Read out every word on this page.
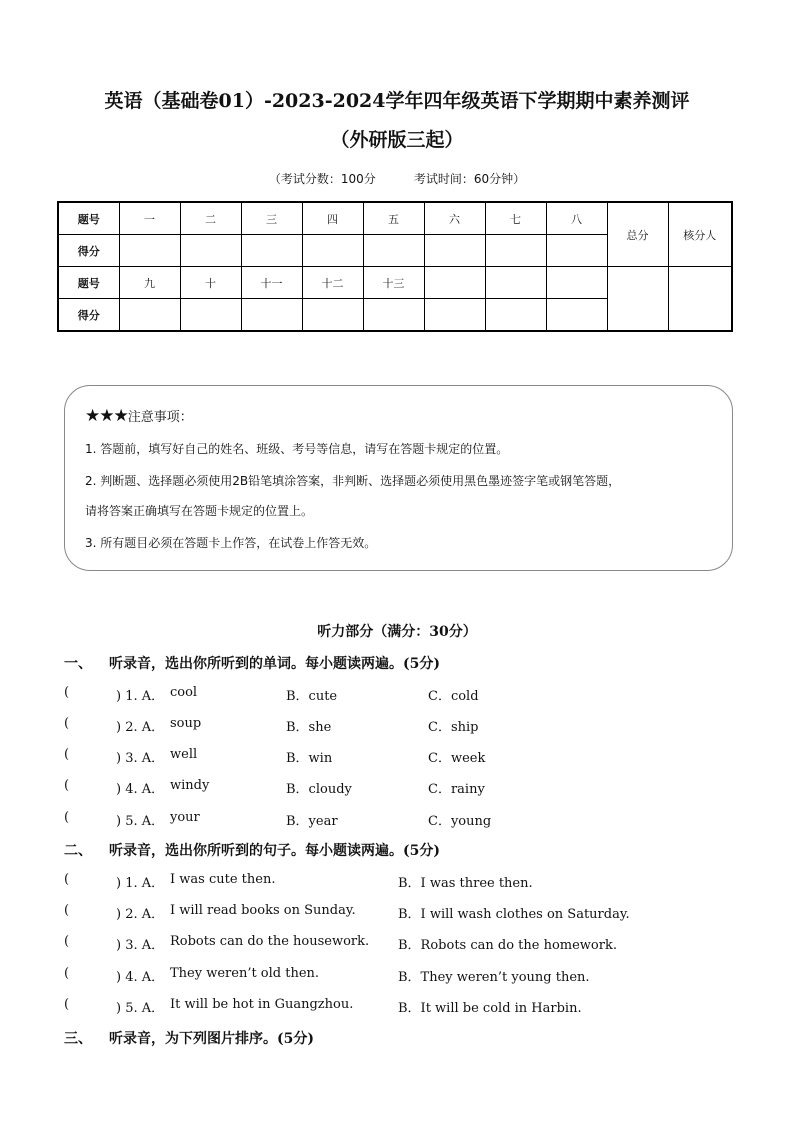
英语（基础卷01）-2023-2024学年四年级英语下学期期中素养测评
（外研版三起）
（考试分数：100分	考试时间：60分钟）
题号	一	二	三	四	五	六	七	八	总分	核分人
得分										
题号	九	十	十一	十二	十三					
得分										
★★★注意事项：
1. 答题前，填写好自己的姓名、班级、考号等信息，请写在答题卡规定的位置。
2. 判断题、选择题必须使用2B铅笔填涂答案，非判断、选择题必须使用黑色墨迹签字笔或钢笔答题，
请将答案正确填写在答题卡规定的位置上。
3. 所有题目必须在答题卡上作答，在试卷上作答无效。
听力部分（满分：30分）
一、 听录音，选出你所听到的单词。每小题读两遍。(5分)
(	) 1. A． cool	B．cute	C．cold
(	) 2. A． soup	B．she	C．ship
(	) 3. A． well	B．win	C．week
(	) 4. A． windy	B．cloudy	C．rainy
(	) 5. A． your	B．year	C．young
二、 听录音，选出你所听到的句子。每小题读两遍。(5分)
(	) 1. A． I was cute then.	B．I was three then.
(	) 2. A． I will read books on Sunday.	B．I will wash clothes on Saturday.
(	) 3. A． Robots can do the housework. B．Robots can do the homework.
(	) 4. A． They weren’t old then.	B．They weren’t young then.
(	) 5. A． It will be hot in Guangzhou.	B．It will be cold in Harbin.
三、 听录音，为下列图片排序。(5分)
